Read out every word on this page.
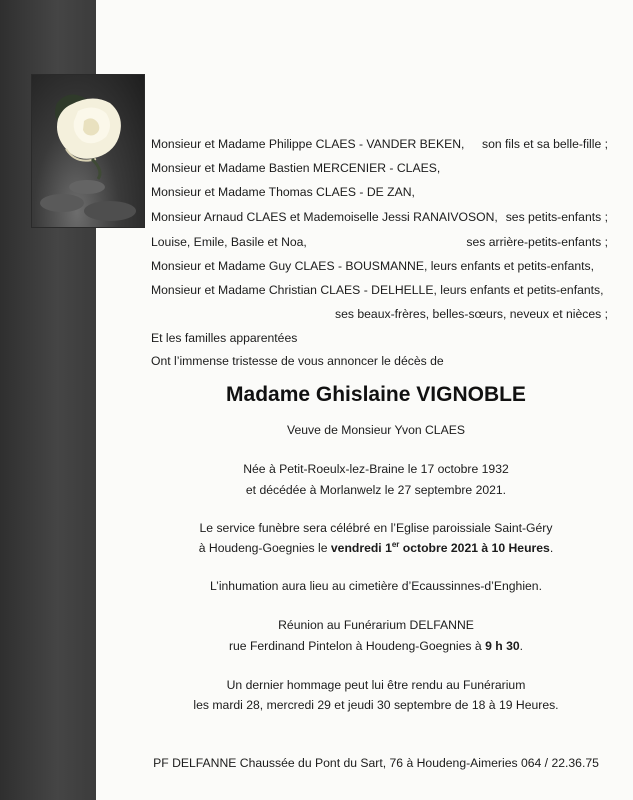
Monsieur et Madame Philippe CLAES - VANDER BEKEN, son fils et sa belle-fille ;
Monsieur et Madame Bastien MERCENIER - CLAES,
Monsieur et Madame Thomas CLAES - DE ZAN,
Monsieur Arnaud CLAES et Mademoiselle Jessi RANAIVOSON, ses petits-enfants ;
Louise, Emile, Basile et Noa,	ses arrière-petits-enfants ;
Monsieur et Madame Guy CLAES - BOUSMANNE, leurs enfants et petits-enfants,
Monsieur et Madame Christian CLAES - DELHELLE, leurs enfants et petits-enfants,
ses beaux-frères, belles-sœurs, neveux et nièces ;
Et les familles apparentées
Ont l’immense tristesse de vous annoncer le décès de
Madame Ghislaine VIGNOBLE
Veuve de Monsieur Yvon CLAES
Née à Petit-Roeulx-lez-Braine le 17 octobre 1932
et décédée à Morlanwelz le 27 septembre 2021.
Le service funèbre sera célébré en l’Eglise paroissiale Saint-Géry
à Houdeng-Goegnies le vendredi 1er octobre 2021 à 10 Heures.
L’inhumation aura lieu au cimetière d’Ecaussinnes-d’Enghien.
Réunion au Funérarium DELFANNE
rue Ferdinand Pintelon à Houdeng-Goegnies à 9 h 30.
Un dernier hommage peut lui être rendu au Funérarium
les mardi 28, mercredi 29 et jeudi 30 septembre de 18 à 19 Heures.
PF DELFANNE Chaussée du Pont du Sart, 76 à Houdeng-Aimeries 064 / 22.36.75
